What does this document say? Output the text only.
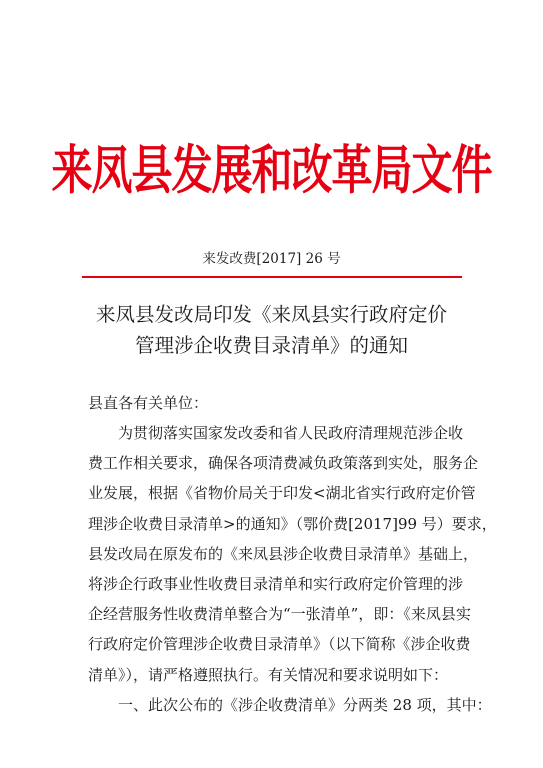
来凤县发展和改革局文件
来发改费[2017] 26 号
来凤县发改局印发《来凤县实行政府定价
管理涉企收费目录清单》的通知
县直各有关单位：
为贯彻落实国家发改委和省人民政府清理规范涉企收
费工作相关要求，确保各项清费减负政策落到实处，服务企
业发展，根据《省物价局关于印发<湖北省实行政府定价管
理涉企收费目录清单>的通知》（鄂价费[2017]99 号）要求，
县发改局在原发布的《来凤县涉企收费目录清单》基础上，
将涉企行政事业性收费目录清单和实行政府定价管理的涉
企经营服务性收费清单整合为“一张清单”，即：《来凤县实
行政府定价管理涉企收费目录清单》（以下简称《涉企收费
清单》），请严格遵照执行。有关情况和要求说明如下：
一、此次公布的《涉企收费清单》分两类 28 项，其中：
